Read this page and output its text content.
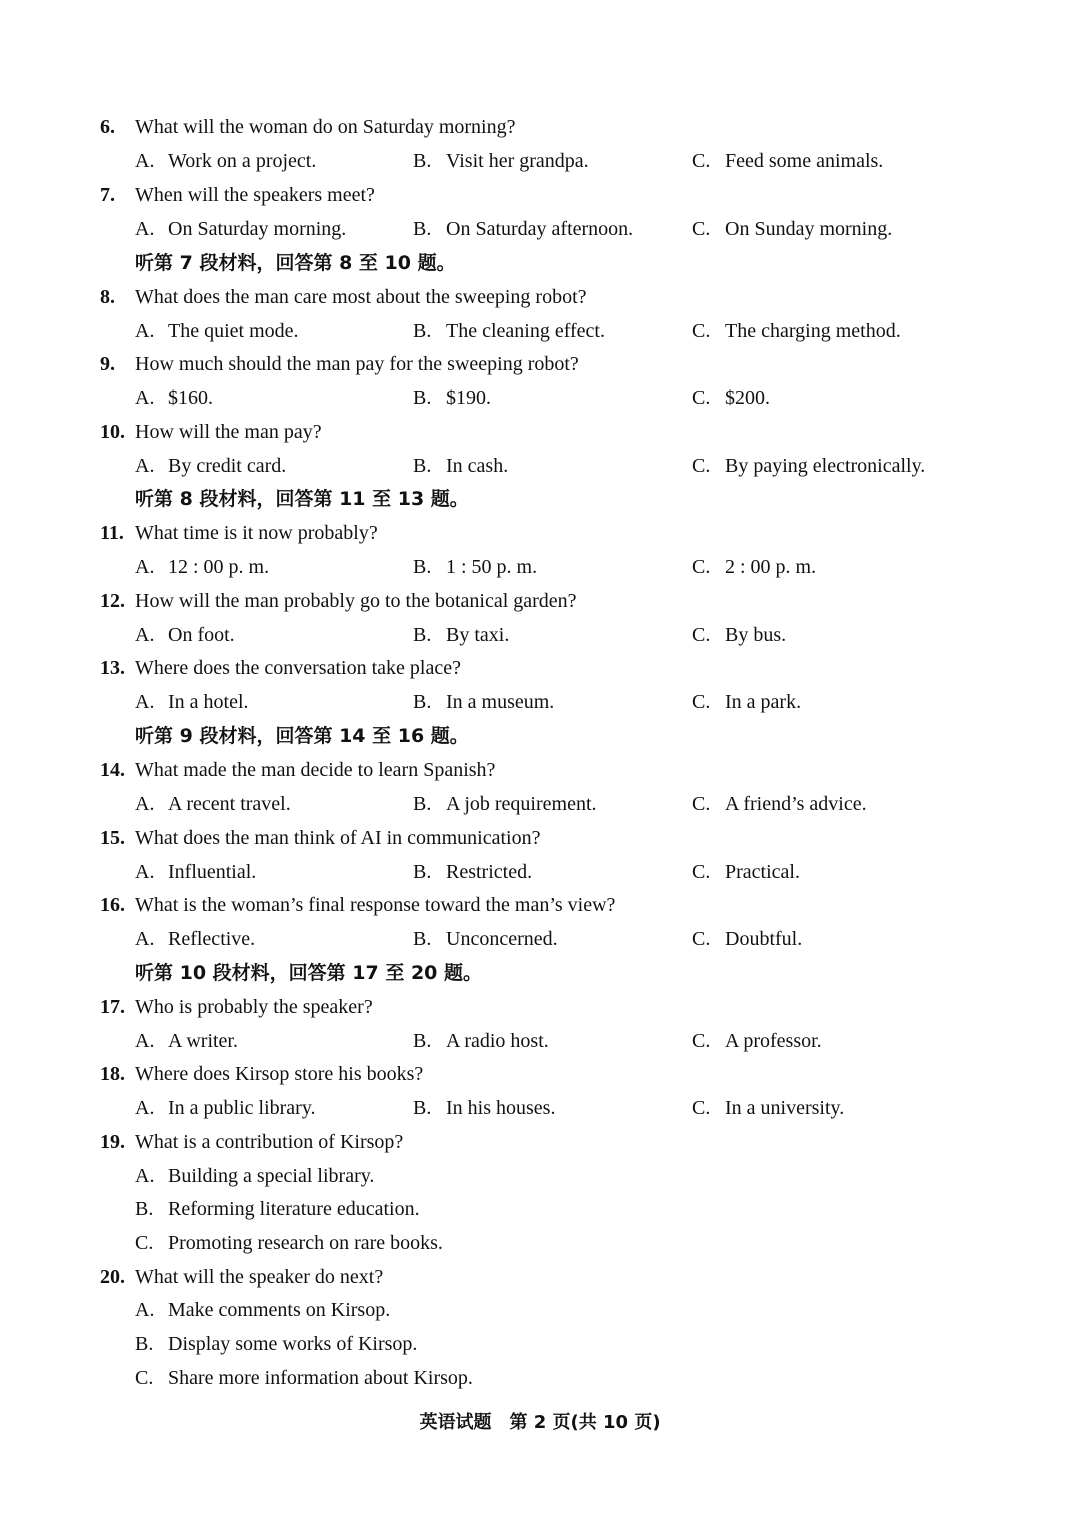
6. What will the woman do on Saturday morning?
A. Work on a project.	B. Visit her grandpa.	C. Feed some animals.
7. When will the speakers meet?
A. On Saturday morning.	B. On Saturday afternoon.	C. On Sunday morning.
听第 7 段材料，回答第 8 至 10 题。
8. What does the man care most about the sweeping robot?
A. The quiet mode.	B. The cleaning effect.	C. The charging method.
9. How much should the man pay for the sweeping robot?
A. $160.	B. $190.	C. $200.
10. How will the man pay?
A. By credit card.	B. In cash.	C. By paying electronically.
听第 8 段材料，回答第 11 至 13 题。
11. What time is it now probably?
A. 12 : 00 p. m.	B. 1 : 50 p. m.	C. 2 : 00 p. m.
12. How will the man probably go to the botanical garden?
A. On foot.	B. By taxi.	C. By bus.
13. Where does the conversation take place?
A. In a hotel.	B. In a museum.	C. In a park.
听第 9 段材料，回答第 14 至 16 题。
14. What made the man decide to learn Spanish?
A. A recent travel.	B. A job requirement.	C. A friend’s advice.
15. What does the man think of AI in communication?
A. Influential.	B. Restricted.	C. Practical.
16. What is the woman’s final response toward the man’s view?
A. Reflective.	B. Unconcerned.	C. Doubtful.
听第 10 段材料，回答第 17 至 20 题。
17. Who is probably the speaker?
A. A writer.	B. A radio host.	C. A professor.
18. Where does Kirsop store his books?
A. In a public library.	B. In his houses.	C. In a university.
19. What is a contribution of Kirsop?
A. Building a special library.
B. Reforming literature education.
C. Promoting research on rare books.
20. What will the speaker do next?
A. Make comments on Kirsop.
B. Display some works of Kirsop.
C. Share more information about Kirsop.
英语试题　第 2 页(共 10 页)
